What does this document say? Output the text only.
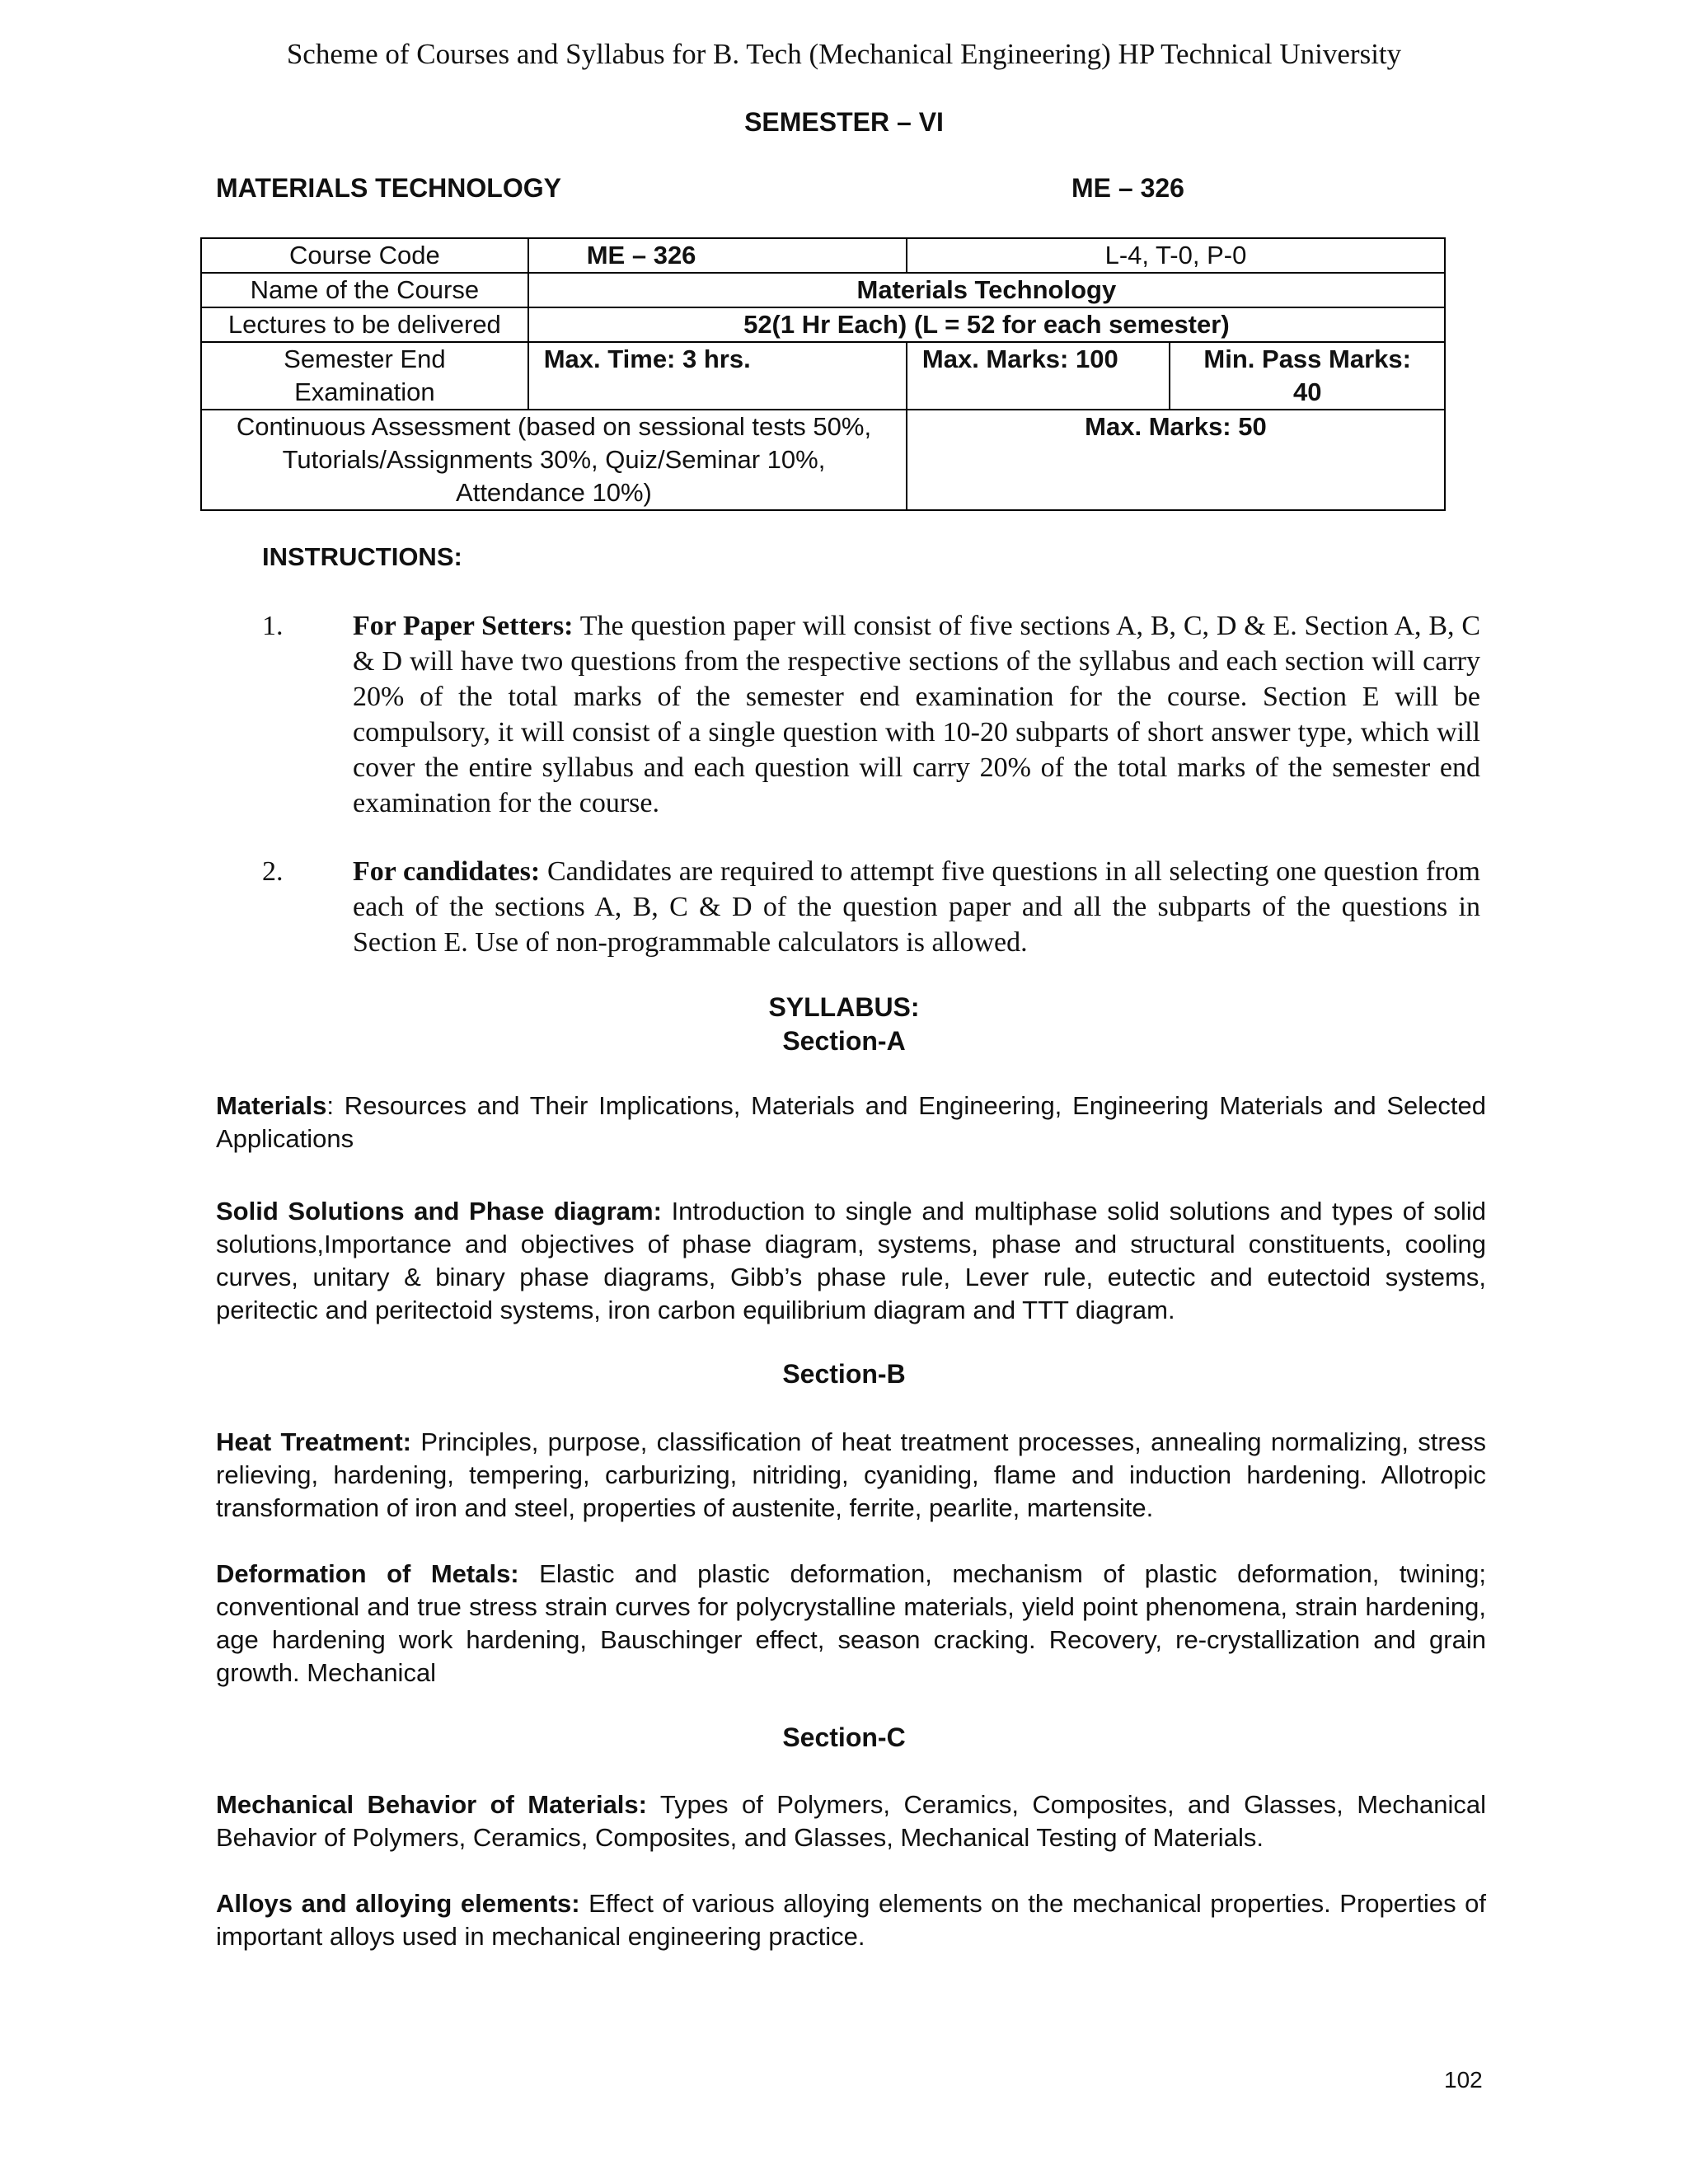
Scheme of Courses and Syllabus for B. Tech (Mechanical Engineering) HP Technical University
SEMESTER – VI
MATERIALS TECHNOLOGY	ME – 326
Course Code	ME – 326	L-4, T-0, P-0	
Name of the Course	Materials Technology		
Lectures to be delivered	52(1 Hr Each) (L = 52 for each semester)		
Semester End Examination	Max. Time: 3 hrs.	Max. Marks: 100	Min. Pass Marks: 40
Continuous Assessment (based on sessional tests 50%, Tutorials/Assignments 30%, Quiz/Seminar 10%, Attendance 10%)		Max. Marks: 50	
INSTRUCTIONS:
1. For Paper Setters: The question paper will consist of five sections A, B, C, D & E. Section A, B, C & D will have two questions from the respective sections of the syllabus and each section will carry 20% of the total marks of the semester end examination for the course. Section E will be compulsory, it will consist of a single question with 10-20 subparts of short answer type, which will cover the entire syllabus and each question will carry 20% of the total marks of the semester end examination for the course.
2. For candidates: Candidates are required to attempt five questions in all selecting one question from each of the sections A, B, C & D of the question paper and all the subparts of the questions in Section E. Use of non-programmable calculators is allowed.
SYLLABUS:
Section-A
Materials: Resources and Their Implications, Materials and Engineering, Engineering Materials and Selected Applications
Solid Solutions and Phase diagram: Introduction to single and multiphase solid solutions and types of solid solutions,Importance and objectives of phase diagram, systems, phase and structural constituents, cooling curves, unitary & binary phase diagrams, Gibb’s phase rule, Lever rule, eutectic and eutectoid systems, peritectic and peritectoid systems, iron carbon equilibrium diagram and TTT diagram.
Section-B
Heat Treatment: Principles, purpose, classification of heat treatment processes, annealing normalizing, stress relieving, hardening, tempering, carburizing, nitriding, cyaniding, flame and induction hardening. Allotropic transformation of iron and steel, properties of austenite, ferrite, pearlite, martensite.
Deformation of Metals: Elastic and plastic deformation, mechanism of plastic deformation, twining; conventional and true stress strain curves for polycrystalline materials, yield point phenomena, strain hardening, age hardening work hardening, Bauschinger effect, season cracking. Recovery, re-crystallization and grain growth. Mechanical
Section-C
Mechanical Behavior of Materials: Types of Polymers, Ceramics, Composites, and Glasses, Mechanical Behavior of Polymers, Ceramics, Composites, and Glasses, Mechanical Testing of Materials.
Alloys and alloying elements: Effect of various alloying elements on the mechanical properties. Properties of important alloys used in mechanical engineering practice.
102
